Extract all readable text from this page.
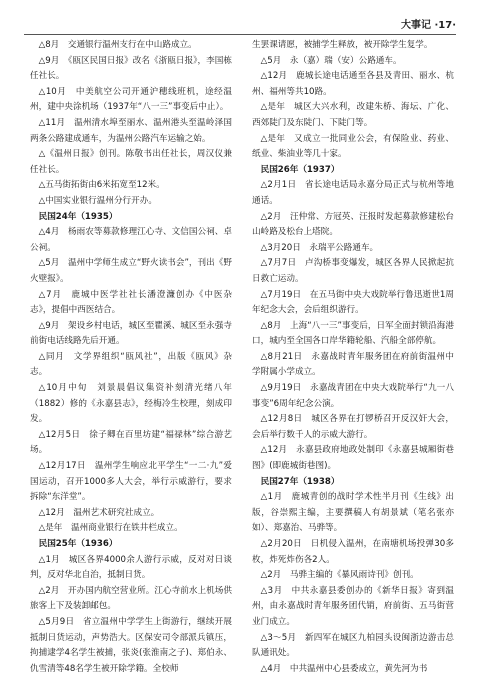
大事记 ·17·

△8月　交通银行温州支行在中山路成立。

△9月　《瓯区民国日报》改名《浙瓯日报》，李国栋任社长。

△10月　中美航空公司开通沪穗线班机，途经温州，建中央涂机场（1937年“八一三”事变后中止）。

△11月　温州清水埠至丽水、温州港头至温岭泽国两条公路建成通车，为温州公路汽车运输之始。

△《温州日报》创刊。陈敬书出任社长，周汉仪兼任社长。

△五马街拓街由6米拓宽至12米。

△中国实业银行温州分行开办。

民国24年（1935）

△4月　杨雨农等募款修理江心寺、文信国公祠、卓公祠。

△5月　温州中学师生成立“野火读书会”，刊出《野火壁报》。

△7月　鹿城中医学社社长潘澄濂创办《中医杂志》，提倡中西医结合。

△9月　架设乡村电话，城区至瞿溪、城区至永强寺前街电话线路先后开通。

△同月　文学界组织“瓯风社”，出版《瓯风》杂志。

△10月中旬　刘景晨倡议集资补刻清光绪八年（1882）修的《永嘉县志》，经梅冷生校理，刻成印发。

△12月5日　徐子卿在百里坊建“福禄林”综合游艺场。

△12月17日　温州学生响应北平学生“一二·九”爱国运动，召开1000多人大会，举行示威游行，要求拆除“东洋堂”。

△12月　温州艺术研究社成立。

△是年　温州商业银行在铁井栏成立。

民国25年（1936）

△1月　城区各界4000余人游行示威，反对对日谈判，反对华北自治，抵制日货。

△2月　开办国内航空营业所。江心寺前水上机场供旅客上下及装卸邮包。

△5月9日　省立温州中学学生上街游行，继续开展抵制日货运动，声势浩大。区保安司令部派兵镇压，拘捕逮学4名学生被捕，张炎(张淮南之子)、郑伯永、仇雪清等48名学生被开除学籍。全校师

生罢课请愿，被捕学生释放，被开除学生复学。

△5月　永（嘉）瑞（安）公路通车。

△12月　鹿城长途电话通至各县及青田、丽水、杭州、福州等共10路。

△是年　城区大兴水利，改建朱桥、海坛、广化、西郊陡门及东陡门、下陡门等。

△是年　又成立一批同业公会，有保险业、药业、纸业、柴油业等几十家。

民国26年（1937）

△2月1日　省长途电话局永嘉分局正式与杭州等地通话。

△2月　汪仲常、方冠英、汪报时发起募款修建松台山岭路及松台上塔院。

△3月20日　永瑞平公路通车。

△7月7日　卢沟桥事变爆发，城区各界人民掀起抗日救亡运动。

△7月19日　在五马街中央大戏院举行鲁迅逝世1周年纪念大会，会后组织游行。

△8月　上海“八一三”事变后，日军全面封锁沿海港口，城内至全国各口岸华籍轮船、汽船全部停航。

△8月21日　永嘉战时青年服务团在府前街温州中学附属小学成立。

△9月19日　永嘉战青团在中央大戏院举行“九一八事变”6周年纪念公演。

△12月8日　城区各界在打锣桥召开反汉奸大会，会后举行数千人的示威大游行。

△12月　永嘉县政府地政处制印《永嘉县城厢街巷图》(即鹿城街巷图)。

民国27年（1938）

△1月　鹿城青创的战时学术性半月刊《生线》出版，谷崇熙主编，主要撰稿人有胡景斌（笔名张亦如）、郑嘉治、马骅等。

△2月20日　日机侵入温州，在南塘机场投弹30多枚，炸死炸伤各2人。

△2月　马骅主编的《暴风雨诗刊》创刊。

△3月　中共永嘉县委创办的《新华日报》寄到温州，由永嘉战时青年服务团代销，府前街、五马街营业门成立。

△3～5月　新四军在城区九柏园头设闽浙边游击总队通讯处。

△4月　中共温州中心县委成立，黄先河为书
